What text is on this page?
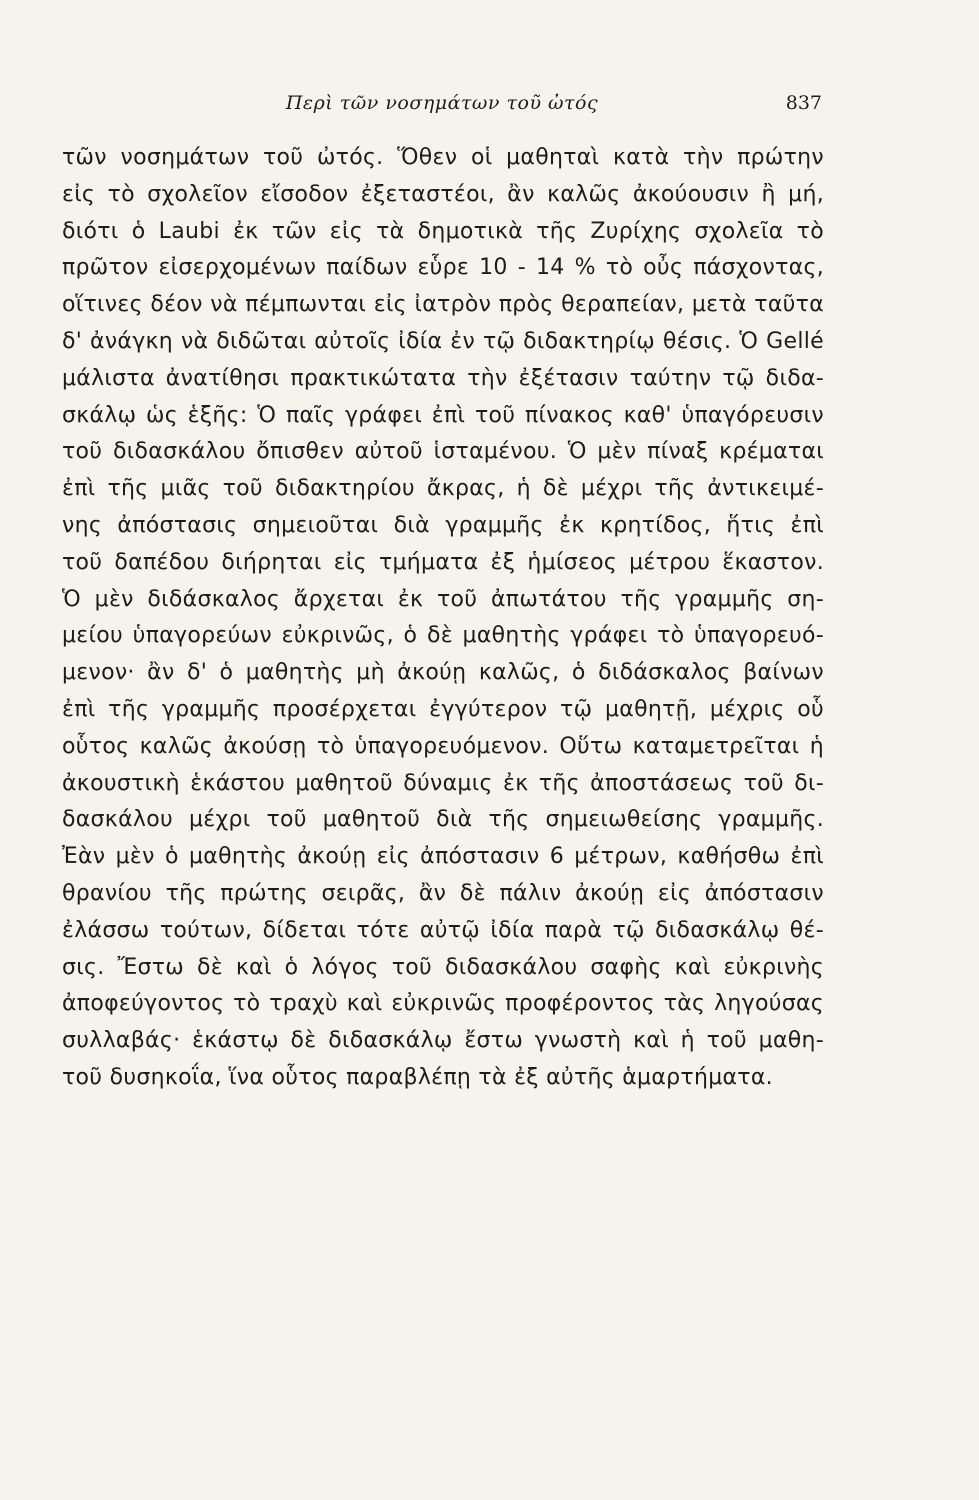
Περὶ τῶν νοσημάτων τοῦ ὠτός	837
τῶν νοσημάτων τοῦ ὠτός. Ὅθεν οἱ μαθηταὶ κατὰ τὴν πρώτην
εἰς τὸ σχολεῖον εἴσοδον ἐξεταστέοι, ἂν καλῶς ἀκούουσιν ἢ μή,
διότι ὁ Laubi ἐκ τῶν εἰς τὰ δημοτικὰ τῆς Ζυρίχης σχολεῖα τὸ
πρῶτον εἰσερχομένων παίδων εὗρε 10 - 14 % τὸ οὖς πάσχοντας,
οἵτινες δέον νὰ πέμπωνται εἰς ἰατρὸν πρὸς θεραπείαν, μετὰ ταῦτα
δ' ἀνάγκη νὰ διδῶται αὐτοῖς ἰδία ἐν τῷ διδακτηρίῳ θέσις. Ὁ Gellé
μάλιστα ἀνατίθησι πρακτικώτατα τὴν ἐξέτασιν ταύτην τῷ διδα-
σκάλῳ ὡς ἑξῆς: Ὁ παῖς γράφει ἐπὶ τοῦ πίνακος καθ' ὑπαγόρευσιν
τοῦ διδασκάλου ὄπισθεν αὐτοῦ ἱσταμένου. Ὁ μὲν πίναξ κρέμαται
ἐπὶ τῆς μιᾶς τοῦ διδακτηρίου ἄκρας, ἡ δὲ μέχρι τῆς ἀντικειμέ-
νης ἀπόστασις σημειοῦται διὰ γραμμῆς ἐκ κρητίδος, ἥτις ἐπὶ
τοῦ δαπέδου διήρηται εἰς τμήματα ἐξ ἡμίσεος μέτρου ἕκαστον.
Ὁ μὲν διδάσκαλος ἄρχεται ἐκ τοῦ ἀπωτάτου τῆς γραμμῆς ση-
μείου ὑπαγορεύων εὐκρινῶς, ὁ δὲ μαθητὴς γράφει τὸ ὑπαγορευό-
μενον· ἂν δ' ὁ μαθητὴς μὴ ἀκούῃ καλῶς, ὁ διδάσκαλος βαίνων
ἐπὶ τῆς γραμμῆς προσέρχεται ἐγγύτερον τῷ μαθητῇ, μέχρις οὗ
οὗτος καλῶς ἀκούσῃ τὸ ὑπαγορευόμενον. Οὕτω καταμετρεῖται ἡ
ἀκουστικὴ ἑκάστου μαθητοῦ δύναμις ἐκ τῆς ἀποστάσεως τοῦ δι-
δασκάλου μέχρι τοῦ μαθητοῦ διὰ τῆς σημειωθείσης γραμμῆς.
Ἐὰν μὲν ὁ μαθητὴς ἀκούῃ εἰς ἀπόστασιν 6 μέτρων, καθήσθω ἐπὶ
θρανίου τῆς πρώτης σειρᾶς, ἂν δὲ πάλιν ἀκούῃ εἰς ἀπόστασιν
ἐλάσσω τούτων, δίδεται τότε αὐτῷ ἰδία παρὰ τῷ διδασκάλῳ θέ-
σις. Ἔστω δὲ καὶ ὁ λόγος τοῦ διδασκάλου σαφὴς καὶ εὐκρινὴς
ἀποφεύγοντος τὸ τραχὺ καὶ εὐκρινῶς προφέροντος τὰς ληγούσας
συλλαβάς· ἑκάστῳ δὲ διδασκάλῳ ἔστω γνωστὴ καὶ ἡ τοῦ μαθη-
τοῦ δυσηκοΐα, ἵνα οὗτος παραβλέπῃ τὰ ἐξ αὐτῆς ἁμαρτήματα.
